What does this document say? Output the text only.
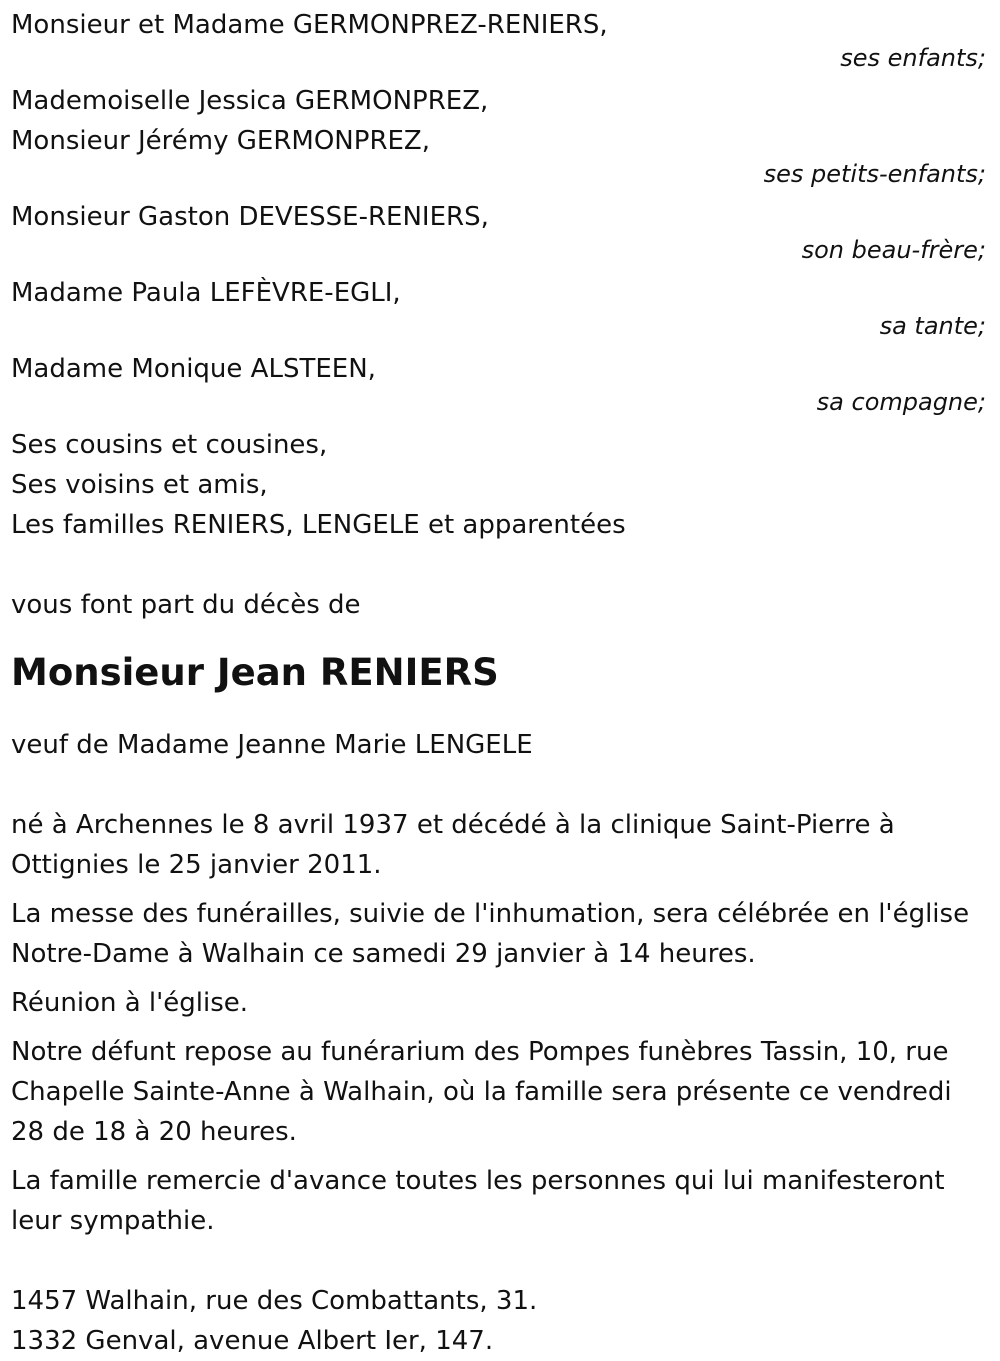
Monsieur et Madame GERMONPREZ-RENIERS,
ses enfants;
Mademoiselle Jessica GERMONPREZ,
Monsieur Jérémy GERMONPREZ,
ses petits-enfants;
Monsieur Gaston DEVESSE-RENIERS,
son beau-frère;
Madame Paula LEFÈVRE-EGLI,
sa tante;
Madame Monique ALSTEEN,
sa compagne;
Ses cousins et cousines,
Ses voisins et amis,
Les familles RENIERS, LENGELE et apparentées
vous font part du décès de
Monsieur Jean RENIERS
veuf de Madame Jeanne Marie LENGELE
né à Archennes le 8 avril 1937 et décédé à la clinique Saint-Pierre à Ottignies le 25 janvier 2011.
La messe des funérailles, suivie de l'inhumation, sera célébrée en l'église Notre-Dame à Walhain ce samedi 29 janvier à 14 heures.
Réunion à l'église.
Notre défunt repose au funérarium des Pompes funèbres Tassin, 10, rue Chapelle Sainte-Anne à Walhain, où la famille sera présente ce vendredi 28 de 18 à 20 heures.
La famille remercie d'avance toutes les personnes qui lui manifesteront leur sympathie.
1457 Walhain, rue des Combattants, 31.
1332 Genval, avenue Albert Ier, 147.
